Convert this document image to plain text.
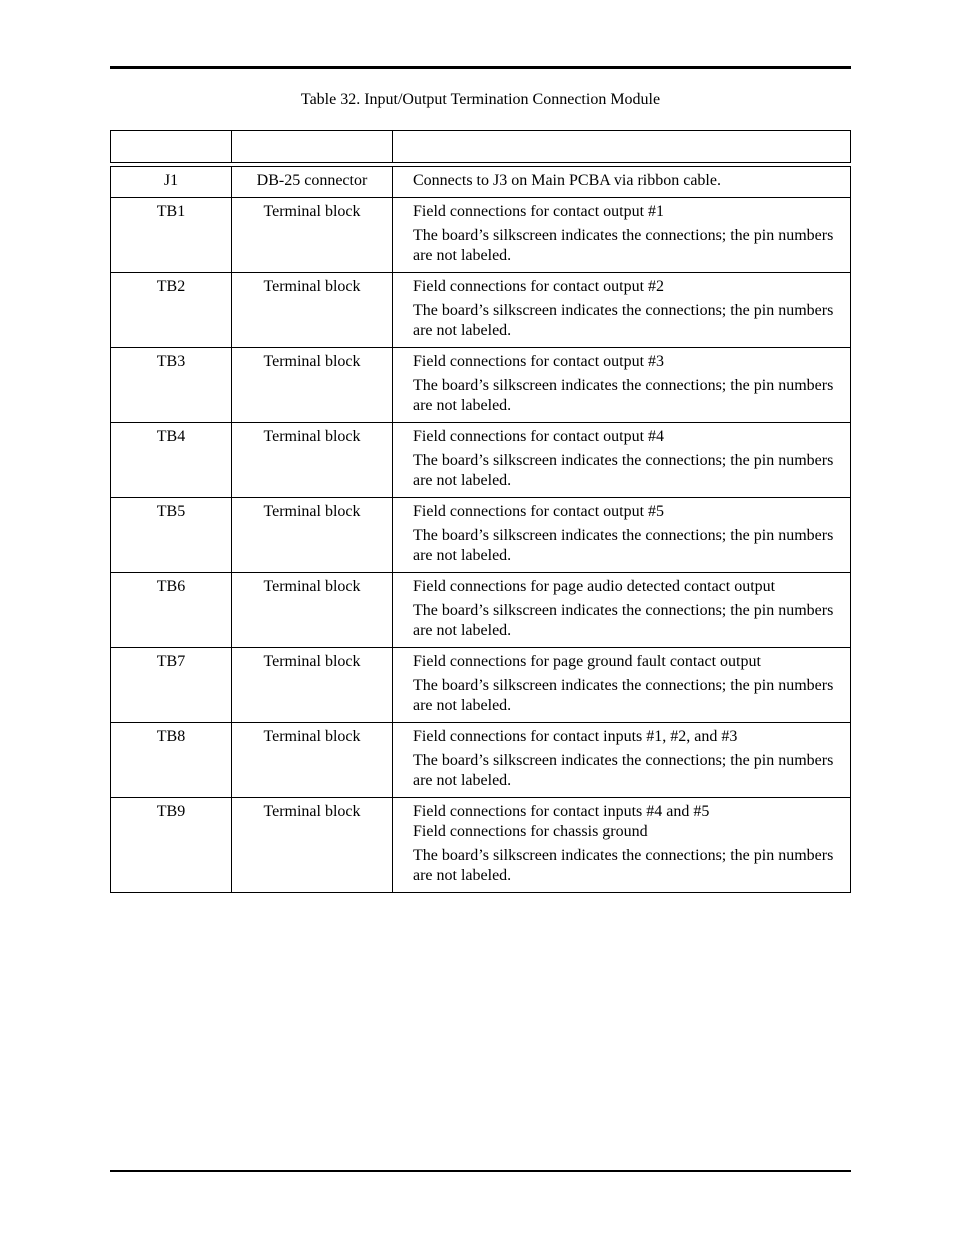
Table 32. Input/Output Termination Connection Module

J1	DB-25 connector	Connects to J3 on Main PCBA via ribbon cable.

TB1	Terminal block	Field connections for contact output #1
The board’s silkscreen indicates the connections; the pin numbers are not labeled.

TB2	Terminal block	Field connections for contact output #2
The board’s silkscreen indicates the connections; the pin numbers are not labeled.

TB3	Terminal block	Field connections for contact output #3
The board’s silkscreen indicates the connections; the pin numbers are not labeled.

TB4	Terminal block	Field connections for contact output #4
The board’s silkscreen indicates the connections; the pin numbers are not labeled.

TB5	Terminal block	Field connections for contact output #5
The board’s silkscreen indicates the connections; the pin numbers are not labeled.

TB6	Terminal block	Field connections for page audio detected contact output
The board’s silkscreen indicates the connections; the pin numbers are not labeled.

TB7	Terminal block	Field connections for page ground fault contact output
The board’s silkscreen indicates the connections; the pin numbers are not labeled.

TB8	Terminal block	Field connections for contact inputs #1, #2, and #3
The board’s silkscreen indicates the connections; the pin numbers are not labeled.

TB9	Terminal block	Field connections for contact inputs #4 and #5
Field connections for chassis ground
The board’s silkscreen indicates the connections; the pin numbers are not labeled.
